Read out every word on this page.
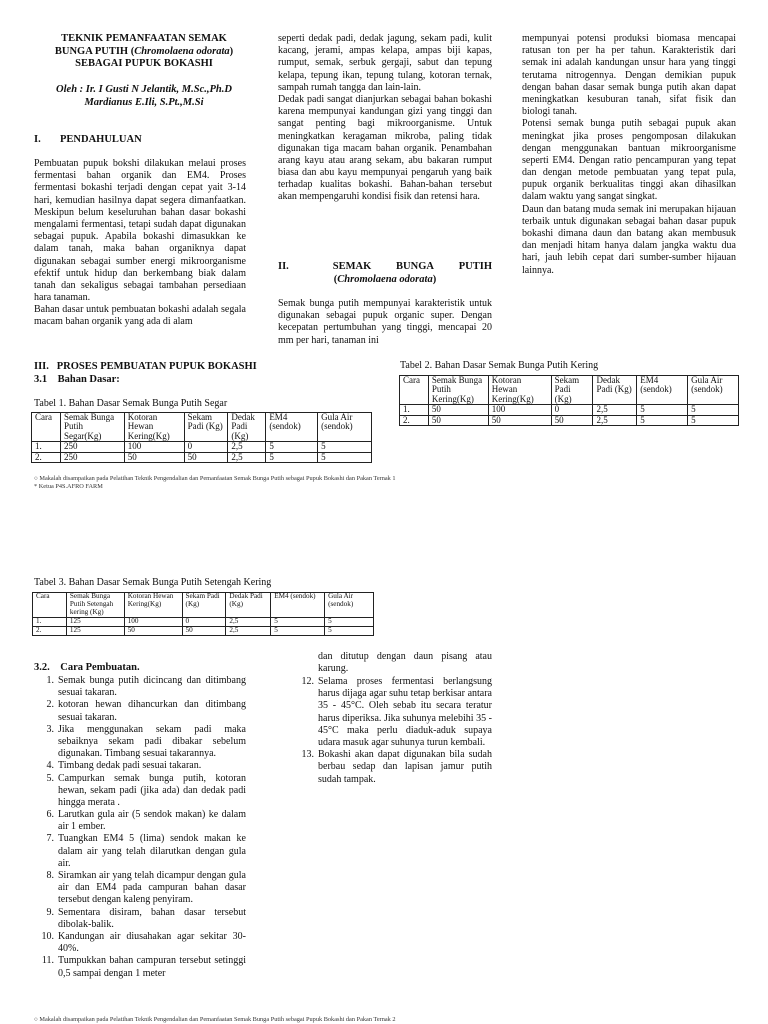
TEKNIK PEMANFAATAN SEMAK
BUNGA PUTIH (Chromolaena odorata)
SEBAGAI PUPUK BOKASHI
Oleh : Ir. I Gusti N Jelantik, M.Sc.,Ph.D
Mardianus E.Ili, S.Pt.,M.Si
I. PENDAHULUAN

Pembuatan pupuk bokshi dilakukan melaui proses fermentasi bahan organik dan EM4. Proses fermentasi bokashi terjadi dengan cepat yait 3-14 hari, kemudian hasilnya dapat segera dimanfaatkan. Meskipun belum keseluruhan bahan dasar bokashi mengalami fermentasi, tetapi sudah dapat digunakan sebagai pupuk. Apabila bokashi dimasukkan ke dalam tanah, maka bahan organiknya dapat digunakan sebagai sumber energi mikroorganisme efektif untuk hidup dan berkembang biak dalam tanah dan sekaligus sebagai tambahan persediaan hara tanaman.

Bahan dasar untuk pembuatan bokashi adalah segala macam bahan organik yang ada di alam

seperti dedak padi, dedak jagung, sekam padi, kulit kacang, jerami, ampas kelapa, ampas biji kapas, rumput, semak, serbuk gergaji, sabut dan tepung kelapa, tepung ikan, tepung tulang, kotoran ternak, sampah rumah tangga dan lain-lain.

Dedak padi sangat dianjurkan sebagai bahan bokashi karena mempunyai kandungan gizi yang tinggi dan sangat penting bagi mikroorganisme. Untuk meningkatkan keragaman mikroba, paling tidak digunakan tiga macam bahan organik. Penambahan arang kayu atau arang sekam, abu bakaran rumput biasa dan abu kayu mempunyai pengaruh yang baik terhadap kualitas bokashi. Bahan-bahan tersebut akan mempengaruhi kondisi fisik dan retensi hara.

II.	SEMAK BUNGA PUTIH
(Chromolaena odorata)

Semak bunga putih mempunyai karakteristik untuk digunakan sebagai pupuk organic super. Dengan kecepatan pertumbuhan yang tinggi, mencapai 20 mm per hari, tanaman ini

mempunyai potensi produksi biomasa mencapai ratusan ton per ha per tahun. Karakteristik dari semak ini adalah kandungan unsur hara yang tinggi terutama nitrogennya. Dengan demikian pupuk dengan bahan dasar semak bunga putih akan dapat meningkatkan kesuburan tanah, sifat fisik dan biologi tanah.

Potensi semak bunga putih sebagai pupuk akan meningkat jika proses pengomposan dilakukan dengan menggunakan bantuan mikroorganisme seperti EM4. Dengan ratio pencampuran yang tepat dan dengan metode pembuatan yang tepat pula, pupuk organik berkualitas tinggi akan dihasilkan dalam waktu yang sangat singkat.

Daun dan batang muda semak ini merupakan hijauan terbaik untuk digunakan sebagai bahan dasar pupuk bokashi dimana daun dan batang akan membusuk dan menjadi hitam hanya dalam jangka waktu dua hari, jauh lebih cepat dari sumber-sumber hijauan lainnya.

III.   PROSES PEMBUATAN PUPUK BOKASHI
3.1    Bahan Dasar:
Tabel 1. Bahan Dasar Semak Bunga Putih Segar
Cara	Semak Bunga Putih Segar(Kg)	Kotoran Hewan Kering(Kg)	Sekam Padi (Kg)	Dedak Padi (Kg)	EM4 (sendok)	Gula Air (sendok)
1.	250	100	0	2,5	5	5
2.	250	50	50	2,5	5	5
Tabel 2. Bahan Dasar Semak Bunga Putih Kering
Cara	Semak Bunga Putih Kering(Kg)	Kotoran Hewan Kering(Kg)	Sekam Padi (Kg)	Dedak Padi (Kg)	EM4 (sendok)	Gula Air (sendok)
1.	50	100	0	2,5	5	5
2.	50	50	50	2,5	5	5
○ Makalah disampaikan pada Pelatihan Teknik Pengendalian dan Pemanfaatan Semak Bunga Putih sebagai Pupuk Bokashi dan Pakan Ternak 1
* Ketua P4S.AFRO FARM
Tabel 3. Bahan Dasar Semak Bunga Putih Setengah Kering
Cara	Semak Bunga Putih Setengah kering (Kg)	Kotoran Hewan Kering(Kg)	Sekam Padi (Kg)	Dedak Padi (Kg)	EM4 (sendok)	Gula Air (sendok)
1.	125	100	0	2,5	5	5
2.	125	50	50	2,5	5	5
3.2.    Cara Pembuatan.
1. Semak bunga putih dicincang dan ditimbang sesuai takaran.
2. kotoran hewan dihancurkan dan ditimbang sesuai takaran.
3. Jika menggunakan sekam padi maka sebaiknya sekam padi dibakar sebelum digunakan. Timbang sesuai takarannya.
4. Timbang dedak padi sesuai takaran.
5. Campurkan semak bunga putih, kotoran hewan, sekam padi (jika ada) dan dedak padi hingga merata .
6. Larutkan gula air (5 sendok makan) ke dalam air 1 ember.
7. Tuangkan EM4 5 (lima) sendok makan ke dalam air yang telah dilarutkan dengan gula air.
8. Siramkan air yang telah dicampur dengan gula air dan EM4 pada campuran bahan dasar tersebut dengan kaleng penyiram.
9. Sementara disiram, bahan dasar tersebut dibolak-balik.
10. Kandungan air diusahakan agar sekitar 30-40%.
11. Tumpukkan bahan campuran tersebut setinggi 0,5 sampai dengan 1 meter
dan ditutup dengan daun pisang atau karung.
12. Selama proses fermentasi berlangsung harus dijaga agar suhu tetap berkisar antara 35 - 45°C. Oleh sebab itu secara teratur harus diperiksa. Jika suhunya melebihi 35 - 45°C maka perlu diaduk-aduk supaya udara masuk agar suhunya turun kembali.
13. Bokashi akan dapat digunakan bila sudah berbau sedap dan lapisan jamur putih sudah tampak.
○ Makalah disampaikan pada Pelatihan Teknik Pengendalian dan Pemanfaatan Semak Bunga Putih sebagai Pupuk Bokashi dan Pakan Ternak 2
